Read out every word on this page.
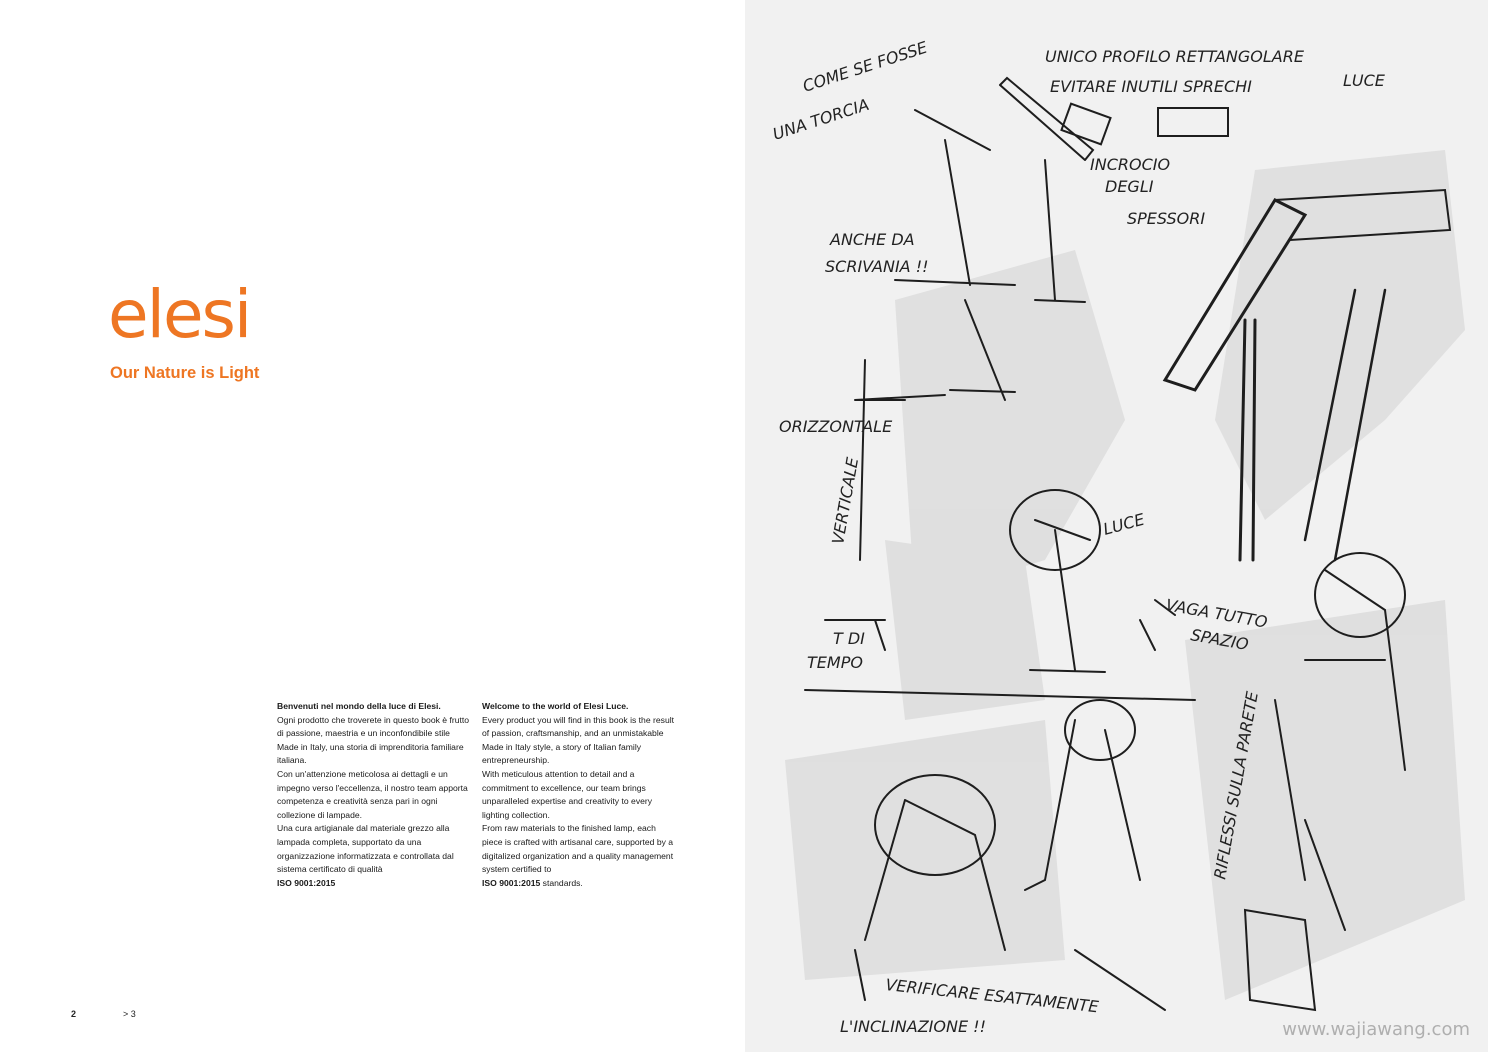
elesi
Our Nature is Light

Benvenuti nel mondo della luce di Elesi.

Ogni prodotto che troverete in questo book è frutto di passione, maestria e un inconfondibile stile Made in Italy, una storia di imprenditoria familiare italiana.

Con un'attenzione meticolosa ai dettagli e un impegno verso l'eccellenza, il nostro team apporta competenza e creatività senza pari in ogni collezione di lampade.

Una cura artigianale dal materiale grezzo alla lampada completa, supportato da una organizzazione informatizzata e controllata dal sistema certificato di qualità

ISO 9001:2015

Welcome to the world of Elesi Luce.

Every product you will find in this book is the result of passion, craftsmanship, and an unmistakable Made in Italy style, a story of Italian family entrepreneurship.

With meticulous attention to detail and a commitment to excellence, our team brings unparalleled expertise and creativity to every lighting collection.

From raw materials to the finished lamp, each piece is crafted with artisanal care, supported by a digitalized organization and a quality management system certified to

ISO 9001:2015 standards.

2	> 3
COME SE FOSSE
UNA TORCIA
UNICO PROFILO RETTANGOLARE
EVITARE INUTILI SPRECHI	LUCE
INCROCIO
DEGLI
SPESSORI
ANCHE DA
SCRIVANIA !!
ORIZZONTALE
VERTICALE	LUCE
VAGA TUTTO
SPAZIO
T DI
TEMPO
RIFLESSI SULLA PARETE
VERIFICARE ESATTAMENTE
L'INCLINAZIONE !!	www.wajiawang.com
